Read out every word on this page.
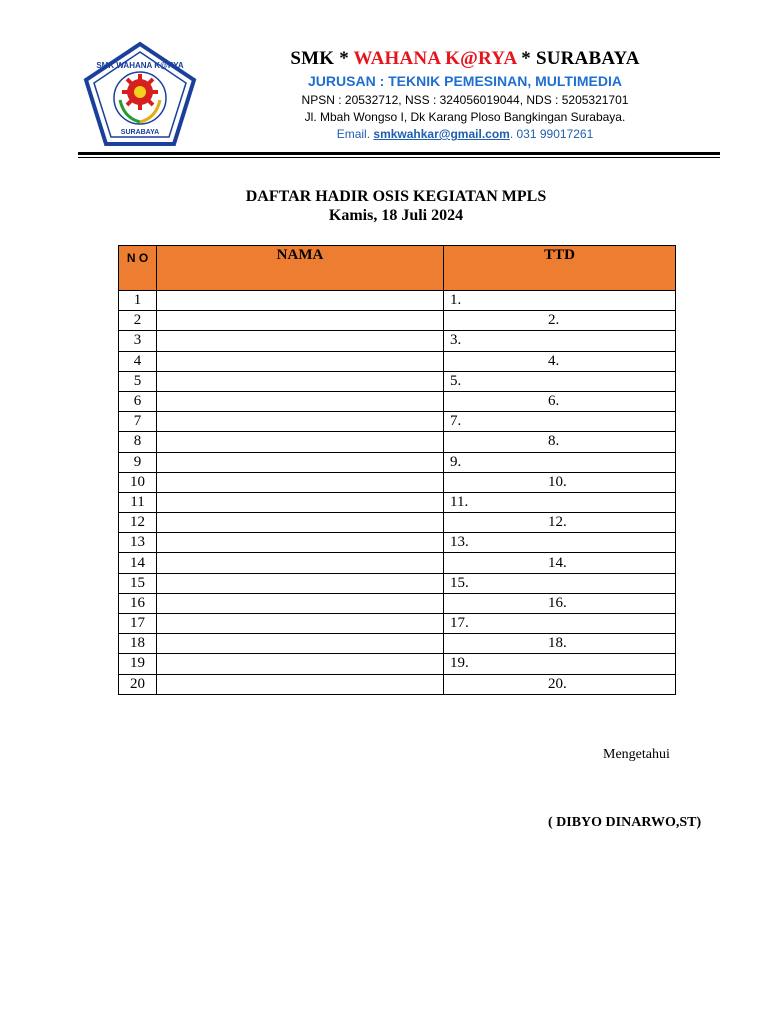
SMK WAHANA K@RYA
SURABAYA
SMK * WAHANA K@RYA * SURABAYA
JURUSAN : TEKNIK PEMESINAN, MULTIMEDIA
NPSN : 20532712, NSS : 324056019044, NDS : 5205321701
Jl. Mbah Wongso I, Dk Karang Ploso Bangkingan Surabaya.
Email. smkwahkar@gmail.com. 031 99017261
DAFTAR HADIR OSIS KEGIATAN MPLS
Kamis, 18 Juli 2024
N O	NAMA	TTD
1		1.
2		2.
3		3.
4		4.
5		5.
6		6.
7		7.
8		8.
9		9.
10		10.
11		11.
12		12.
13		13.
14		14.
15		15.
16		16.
17		17.
18		18.
19		19.
20		20.
Mengetahui
( DIBYO DINARWO,ST)
